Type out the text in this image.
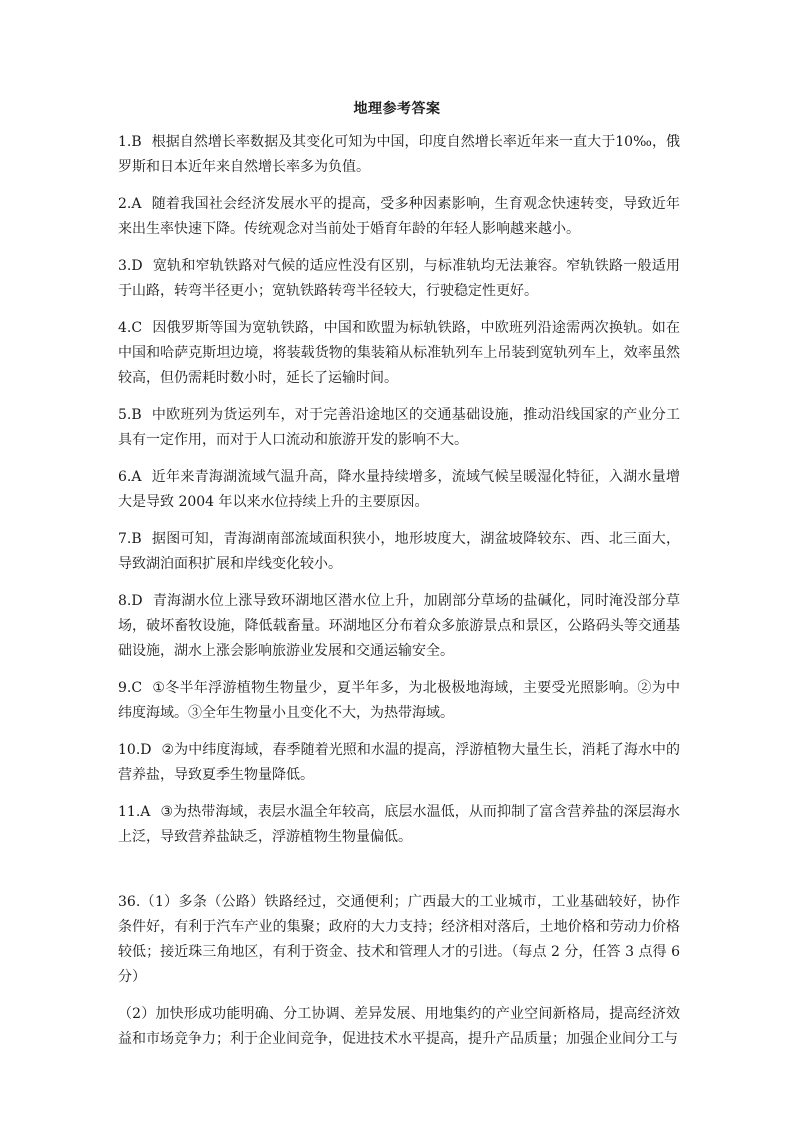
地理参考答案

1.B 根据自然增长率数据及其变化可知为中国，印度自然增长率近年来一直大于10‰，俄罗斯和日本近年来自然增长率多为负值。

2.A 随着我国社会经济发展水平的提高，受多种因素影响，生育观念快速转变，导致近年来出生率快速下降。传统观念对当前处于婚育年龄的年轻人影响越来越小。

3.D 宽轨和窄轨铁路对气候的适应性没有区别，与标准轨均无法兼容。窄轨铁路一般适用于山路，转弯半径更小；宽轨铁路转弯半径较大，行驶稳定性更好。

4.C 因俄罗斯等国为宽轨铁路，中国和欧盟为标轨铁路，中欧班列沿途需两次换轨。如在中国和哈萨克斯坦边境，将装载货物的集装箱从标准轨列车上吊装到宽轨列车上，效率虽然较高，但仍需耗时数小时，延长了运输时间。

5.B 中欧班列为货运列车，对于完善沿途地区的交通基础设施，推动沿线国家的产业分工具有一定作用，而对于人口流动和旅游开发的影响不大。

6.A 近年来青海湖流域气温升高，降水量持续增多，流域气候呈暖湿化特征，入湖水量增大是导致 2004 年以来水位持续上升的主要原因。

7.B 据图可知，青海湖南部流域面积狭小，地形坡度大，湖盆坡降较东、西、北三面大，导致湖泊面积扩展和岸线变化较小。

8.D 青海湖水位上涨导致环湖地区潜水位上升，加剧部分草场的盐碱化，同时淹没部分草场，破坏畜牧设施，降低载畜量。环湖地区分布着众多旅游景点和景区，公路码头等交通基础设施，湖水上涨会影响旅游业发展和交通运输安全。

9.C ①冬半年浮游植物生物量少，夏半年多，为北极极地海域，主要受光照影响。②为中纬度海域。③全年生物量小且变化不大，为热带海域。

10.D ②为中纬度海域，春季随着光照和水温的提高，浮游植物大量生长，消耗了海水中的营养盐，导致夏季生物量降低。

11.A ③为热带海域，表层水温全年较高，底层水温低，从而抑制了富含营养盐的深层海水上泛，导致营养盐缺乏，浮游植物生物量偏低。

36.（1）多条（公路）铁路经过，交通便利；广西最大的工业城市，工业基础较好，协作条件好，有利于汽车产业的集聚；政府的大力支持；经济相对落后，土地价格和劳动力价格较低；接近珠三角地区，有利于资金、技术和管理人才的引进。（每点 2 分，任答 3 点得 6 分）

（2）加快形成功能明确、分工协调、差异发展、用地集约的产业空间新格局，提高经济效益和市场竞争力；利于企业间竞争，促进技术水平提高，提升产品质量；加强企业间分工与
